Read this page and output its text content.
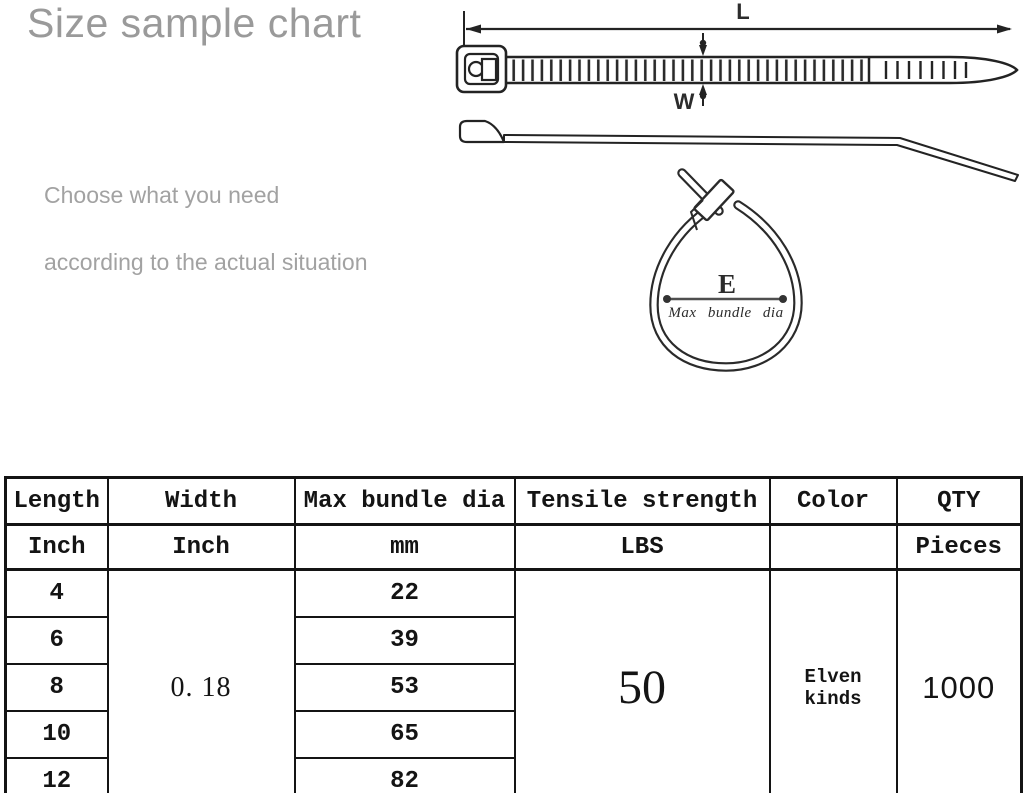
Size sample chart
Choose what you need
according to the actual situation
L
W
E
Max bundle dia
Length	Width	Max bundle dia	Tensile strength	Color	QTY
Inch	Inch	mm	LBS		Pieces
4	0. 18	22	50	Elven kinds	1000
6		39			
8		53			
10		65			
12		82			
